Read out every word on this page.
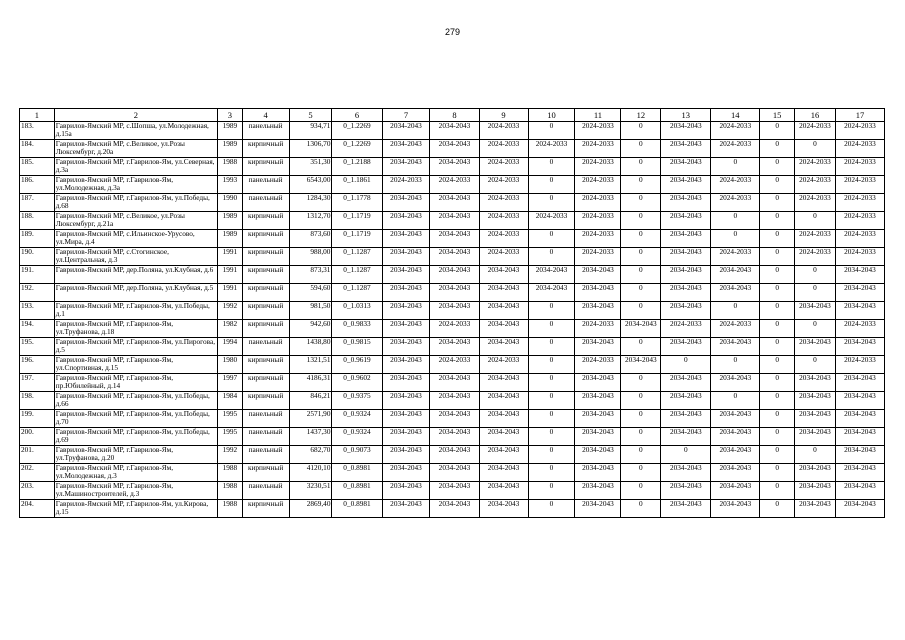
279
1	2	3	4	5	6	7	8	9	10	11	12	13	14	15	16	17
183.	Гаврилов-Ямский МР, с.Шопша, ул.Молодежная, д.15а	1989	панельный	934,71	0_1.2269	2034-2043	2034-2043	2024-2033	0	2024-2033	0	2034-2043	2024-2033	0	2024-2033	2024-2033
184.	Гаврилов-Ямский МР, с.Великое, ул.Розы Люксембург, д.20а	1989	кирпичный	1306,70	0_1.2269	2034-2043	2034-2043	2024-2033	2024-2033	2024-2033	0	2034-2043	2024-2033	0	0	2024-2033
185.	Гаврилов-Ямский МР, г.Гаврилов-Ям, ул.Северная, д.3а	1988	кирпичный	351,30	0_1.2188	2034-2043	2034-2043	2024-2033	0	2024-2033	0	2034-2043	0	0	2024-2033	2024-2033
186.	Гаврилов-Ямский МР, г.Гаврилов-Ям, ул.Молодежная, д.3а	1993	панельный	6543,00	0_1.1861	2024-2033	2024-2033	2024-2033	0	2024-2033	0	2034-2043	2024-2033	0	2024-2033	2024-2033
187.	Гаврилов-Ямский МР, г.Гаврилов-Ям, ул.Победы, д.68	1990	панельный	1284,30	0_1.1778	2034-2043	2034-2043	2024-2033	0	2024-2033	0	2034-2043	2024-2033	0	2024-2033	2024-2033
188.	Гаврилов-Ямский МР, с.Великое, ул.Розы Люксембург, д.21а	1989	кирпичный	1312,70	0_1.1719	2034-2043	2034-2043	2024-2033	2024-2033	2024-2033	0	2034-2043	0	0	0	2024-2033
189.	Гаврилов-Ямский МР, с.Ильинское-Урусово, ул.Мира, д.4	1989	кирпичный	873,60	0_1.1719	2034-2043	2034-2043	2024-2033	0	2024-2033	0	2034-2043	0	0	2024-2033	2024-2033
190.	Гаврилов-Ямский МР, с.Стогинское, ул.Центральная, д.3	1991	кирпичный	988,00	0_1.1287	2034-2043	2034-2043	2024-2033	0	2024-2033	0	2034-2043	2024-2033	0	2024-2033	2024-2033
191.	Гаврилов-Ямский МР, дер.Полянa, ул.Клубная, д.6	1991	кирпичный	873,31	0_1.1287	2034-2043	2034-2043	2034-2043	2034-2043	2034-2043	0	2034-2043	2034-2043	0	0	2034-2043
192.	Гаврилов-Ямский МР, дер.Полянa, ул.Клубная, д.5	1991	кирпичный	594,60	0_1.1287	2034-2043	2034-2043	2034-2043	2034-2043	2034-2043	0	2034-2043	2034-2043	0	0	2034-2043
193.	Гаврилов-Ямский МР, г.Гаврилов-Ям, ул.Победы, д.1	1992	кирпичный	981,50	0_1.0313	2034-2043	2034-2043	2034-2043	0	2034-2043	0	2034-2043	0	0	2034-2043	2034-2043
194.	Гаврилов-Ямский МР, г.Гаврилов-Ям, ул.Труфанова, д.18	1982	кирпичный	942,60	0_0.9833	2034-2043	2024-2033	2034-2043	0	2024-2033	2034-2043	2024-2033	2024-2033	0	0	2024-2033
195.	Гаврилов-Ямский МР, г.Гаврилов-Ям, ул.Пирогова, д.5	1994	панельный	1438,80	0_0.9815	2034-2043	2034-2043	2034-2043	0	2034-2043	0	2034-2043	2034-2043	0	2034-2043	2034-2043
196.	Гаврилов-Ямский МР, г.Гаврилов-Ям, ул.Спортивная, д.15	1980	кирпичный	1321,51	0_0.9619	2034-2043	2024-2033	2024-2033	0	2024-2033	2034-2043	0	0	0	0	2024-2033
197.	Гаврилов-Ямский МР, г.Гаврилов-Ям, пр.Юбилейный, д.14	1997	кирпичный	4186,31	0_0.9602	2034-2043	2034-2043	2034-2043	0	2034-2043	0	2034-2043	2034-2043	0	2034-2043	2034-2043
198.	Гаврилов-Ямский МР, г.Гаврилов-Ям, ул.Победы, д.66	1984	кирпичный	846,21	0_0.9375	2034-2043	2034-2043	2034-2043	0	2034-2043	0	2034-2043	0	0	2034-2043	2034-2043
199.	Гаврилов-Ямский МР, г.Гаврилов-Ям, ул.Победы, д.70	1995	панельный	2571,90	0_0.9324	2034-2043	2034-2043	2034-2043	0	2034-2043	0	2034-2043	2034-2043	0	2034-2043	2034-2043
200.	Гаврилов-Ямский МР, г.Гаврилов-Ям, ул.Победы, д.69	1995	панельный	1437,30	0_0.9324	2034-2043	2034-2043	2034-2043	0	2034-2043	0	2034-2043	2034-2043	0	2034-2043	2034-2043
201.	Гаврилов-Ямский МР, г.Гаврилов-Ям, ул.Труфанова, д.20	1992	панельный	682,70	0_0.9073	2034-2043	2034-2043	2034-2043	0	2034-2043	0	0	2034-2043	0	0	2034-2043
202.	Гаврилов-Ямский МР, г.Гаврилов-Ям, ул.Молодежная, д.3	1988	кирпичный	4120,10	0_0.8981	2034-2043	2034-2043	2034-2043	0	2034-2043	0	2034-2043	2034-2043	0	2034-2043	2034-2043
203.	Гаврилов-Ямский МР, г.Гаврилов-Ям, ул.Машиностроителей, д.3	1988	панельный	3230,51	0_0.8981	2034-2043	2034-2043	2034-2043	0	2034-2043	0	2034-2043	2034-2043	0	2034-2043	2034-2043
204.	Гаврилов-Ямский МР, г.Гаврилов-Ям, ул.Кирова, д.15	1988	кирпичный	2869,40	0_0.8981	2034-2043	2034-2043	2034-2043	0	2034-2043	0	2034-2043	2034-2043	0	2034-2043	2034-2043
